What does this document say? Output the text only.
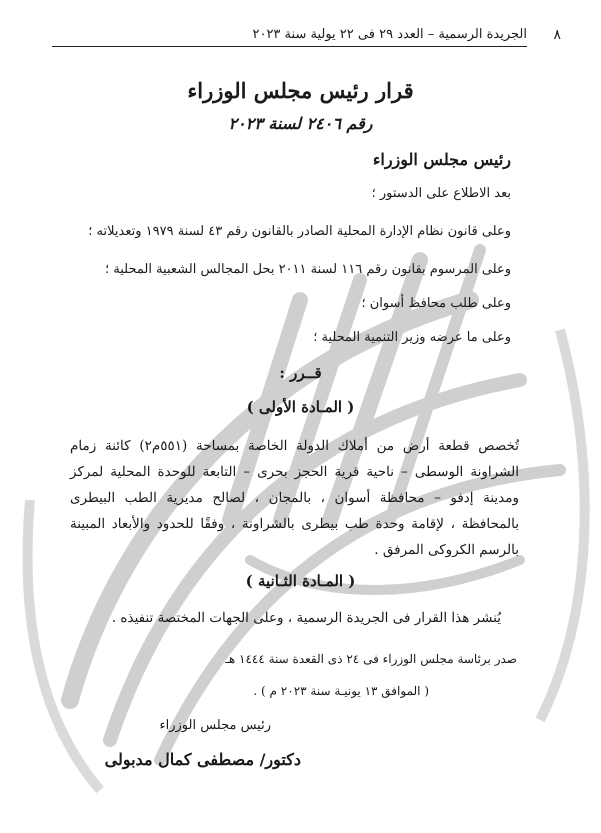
٨
الجريدة الرسمية – العدد ٢٩ فى ٢٢ يولية سنة ٢٠٢٣
قرار رئيس مجلس الوزراء
رقم ٢٤٠٦ لسنة ٢٠٢٣
رئيس مجلس الوزراء
بعد الاطلاع على الدستور ؛
وعلى قانون نظام الإدارة المحلية الصادر بالقانون رقم ٤٣ لسنة ١٩٧٩ وتعديلاته ؛
وعلى المرسوم بقانون رقم ١١٦ لسنة ٢٠١١ بحل المجالس الشعبية المحلية ؛
وعلى طلب محافظ أسوان ؛
وعلى ما عرضه وزير التنمية المحلية ؛
قــرر :
( المـادة الأولى )
تُخصص قطعة أرض من أملاك الدولة الخاصة بمساحة (٥٥١م٢) كائنة زمام الشراونة الوسطى – ناحية قرية الحجز بحرى – التابعة للوحدة المحلية لمركز ومدينة إدفو – محافظة أسوان ، بالمجان ، لصالح مديرية الطب البيطرى بالمحافظة ، لإقامة وحدة طب بيطرى بالشراونة ، وفقًا للحدود والأبعاد المبينة بالرسم الكروكى المرفق .
( المـادة الثـانية )
يُنشر هذا القرار فى الجريدة الرسمية ، وعلى الجهات المختصة تنفيذه .
صدر برئاسة مجلس الوزراء فى ٢٤ ذى القعدة سنة ١٤٤٤ هـ
( الموافق ١٣ يونيـة سنة ٢٠٢٣ م ) .
رئيس مجلس الوزراء
دكتور/ مصطفى كمال مدبولى
